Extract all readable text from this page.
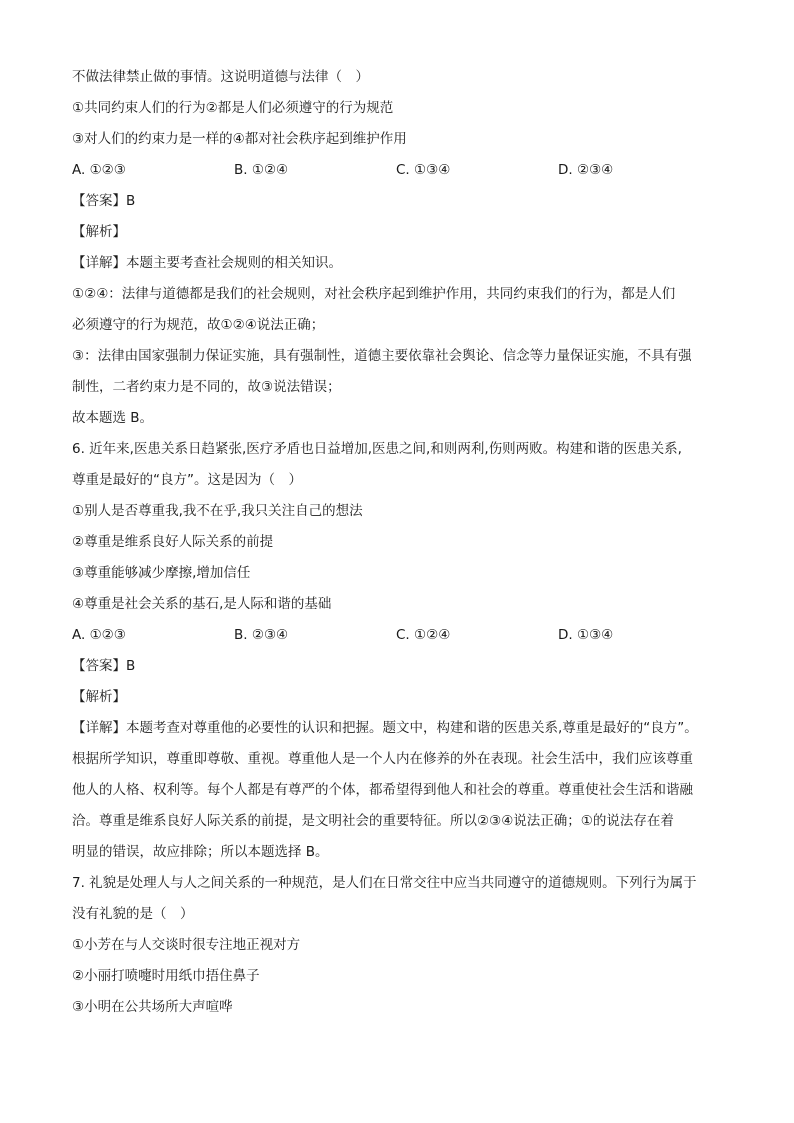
不做法律禁止做的事情。这说明道德与法律（　）
①共同约束人们的行为②都是人们必须遵守的行为规范
③对人们的约束力是一样的④都对社会秩序起到维护作用
A. ①②③	B. ①②④	C. ①③④	D. ②③④
【答案】B
【解析】
【详解】本题主要考查社会规则的相关知识。
①②④：法律与道德都是我们的社会规则，对社会秩序起到维护作用，共同约束我们的行为，都是人们
必须遵守的行为规范，故①②④说法正确；
③：法律由国家强制力保证实施，具有强制性，道德主要依靠社会舆论、信念等力量保证实施，不具有强
制性，二者约束力是不同的，故③说法错误；
故本题选 B。
6. 近年来,医患关系日趋紧张,医疗矛盾也日益增加,医患之间,和则两利,伤则两败。构建和谐的医患关系,
尊重是最好的“良方”。这是因为（　）
①别人是否尊重我,我不在乎,我只关注自己的想法
②尊重是维系良好人际关系的前提
③尊重能够减少摩擦,增加信任
④尊重是社会关系的基石,是人际和谐的基础
A. ①②③	B. ②③④	C. ①②④	D. ①③④
【答案】B
【解析】
【详解】本题考查对尊重他的必要性的认识和把握。题文中，构建和谐的医患关系,尊重是最好的“良方”。
根据所学知识，尊重即尊敬、重视。尊重他人是一个人内在修养的外在表现。社会生活中，我们应该尊重
他人的人格、权利等。每个人都是有尊严的个体，都希望得到他人和社会的尊重。尊重使社会生活和谐融
洽。尊重是维系良好人际关系的前提，是文明社会的重要特征。所以②③④说法正确；①的说法存在着
明显的错误，故应排除；所以本题选择 B。
7. 礼貌是处理人与人之间关系的一种规范，是人们在日常交往中应当共同遵守的道德规则。下列行为属于
没有礼貌的是（　）
①小芳在与人交谈时很专注地正视对方
②小丽打喷嚏时用纸巾捂住鼻子
③小明在公共场所大声喧哗
